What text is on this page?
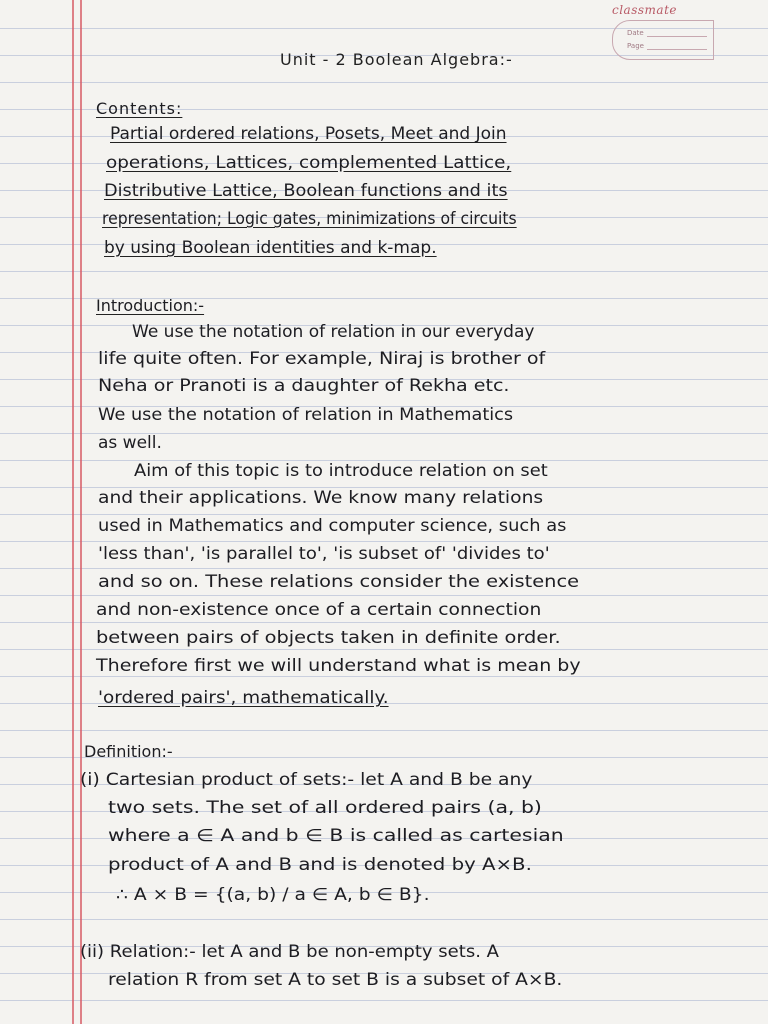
classmate
Date
Page
Unit - 2 Boolean Algebra:-
Contents:
Partial ordered relations, Posets, Meet and Join
operations, Lattices, complemented Lattice,
Distributive Lattice, Boolean functions and its
representation; Logic gates, minimizations of circuits
by using Boolean identities and k-map.
Introduction:-
We use the notation of relation in our everyday
life quite often. For example, Niraj is brother of
Neha or Pranoti is a daughter of Rekha etc.
We use the notation of relation in Mathematics
as well.
Aim of this topic is to introduce relation on set
and their applications. We know many relations
used in Mathematics and computer science, such as
'less than', 'is parallel to', 'is subset of' 'divides to'
and so on. These relations consider the existence
and non-existence once of a certain connection
between pairs of objects taken in definite order.
Therefore first we will understand what is mean by
'ordered pairs', mathematically.
Definition:-
(i) Cartesian product of sets:- let A and B be any
two sets. The set of all ordered pairs (a, b)
where a ∈ A and b ∈ B is called as cartesian
product of A and B and is denoted by A×B.
∴ A × B = {(a, b) / a ∈ A, b ∈ B}.
(ii) Relation:- let A and B be non-empty sets. A
relation R from set A to set B is a subset of A×B.
